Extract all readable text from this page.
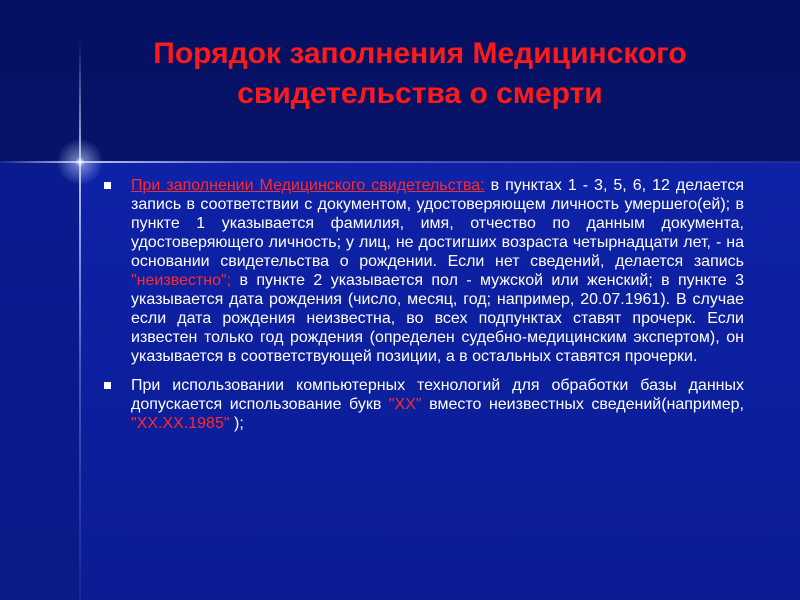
Порядок заполнения Медицинского свидетельства о смерти
При заполнении Медицинского свидетельства: в пунктах 1 - 3, 5, 6, 12 делается запись в соответствии с документом, удостоверяющем личность умершего(ей); в пункте 1 указывается фамилия, имя, отчество по данным документа, удостоверяющего личность; у лиц, не достигших возраста четырнадцати лет, - на основании свидетельства о рождении. Если нет сведений, делается запись "неизвестно"; в пункте 2 указывается пол - мужской или женский; в пункте 3 указывается дата рождения (число, месяц, год; например, 20.07.1961). В случае если дата рождения неизвестна, во всех подпунктах ставят прочерк. Если известен только год рождения (определен судебно-медицинским экспертом), он указывается в соответствующей позиции, а в остальных ставятся прочерки.
При использовании компьютерных технологий для обработки базы данных допускается использование букв "XX" вместо неизвестных сведений(например, "XX.XX.1985" );
